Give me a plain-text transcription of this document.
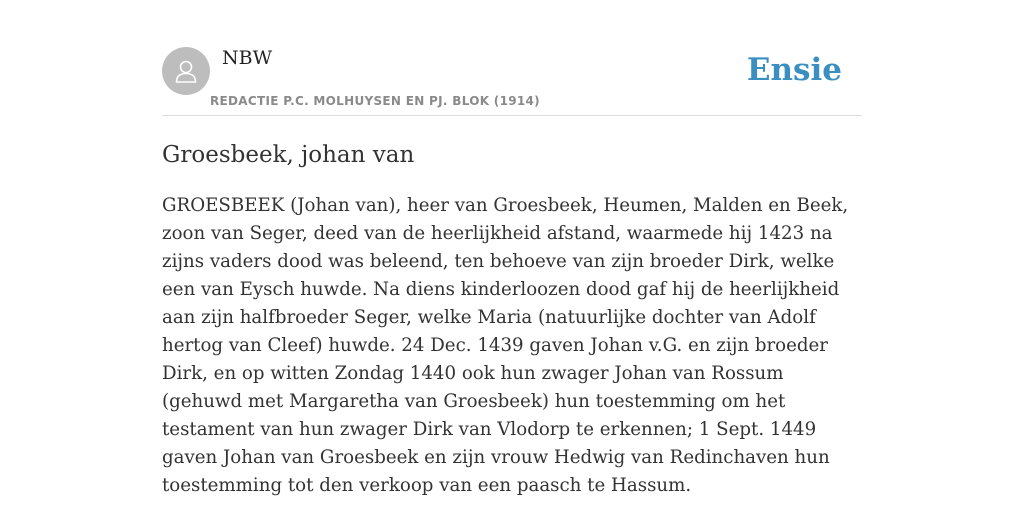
NBW
REDACTIE P.C. MOLHUYSEN EN PJ. BLOK (1914)
Ensie
Groesbeek, johan van

GROESBEEK (Johan van), heer van Groesbeek, Heumen, Malden en Beek, zoon van Seger, deed van de heerlijkheid afstand, waarmede hij 1423 na zijns vaders dood was beleend, ten behoeve van zijn broeder Dirk, welke een van Eysch huwde. Na diens kinderloozen dood gaf hij de heerlijkheid aan zijn halfbroeder Seger, welke Maria (natuurlijke dochter van Adolf hertog van Cleef) huwde. 24 Dec. 1439 gaven Johan v.G. en zijn broeder Dirk, en op witten Zondag 1440 ook hun zwager Johan van Rossum (gehuwd met Margaretha van Groesbeek) hun toestemming om het testament van hun zwager Dirk van Vlodorp te erkennen; 1 Sept. 1449 gaven Johan van Groesbeek en zijn vrouw Hedwig van Redinchaven hun toestemming tot den verkoop van een paasch te Hassum.
